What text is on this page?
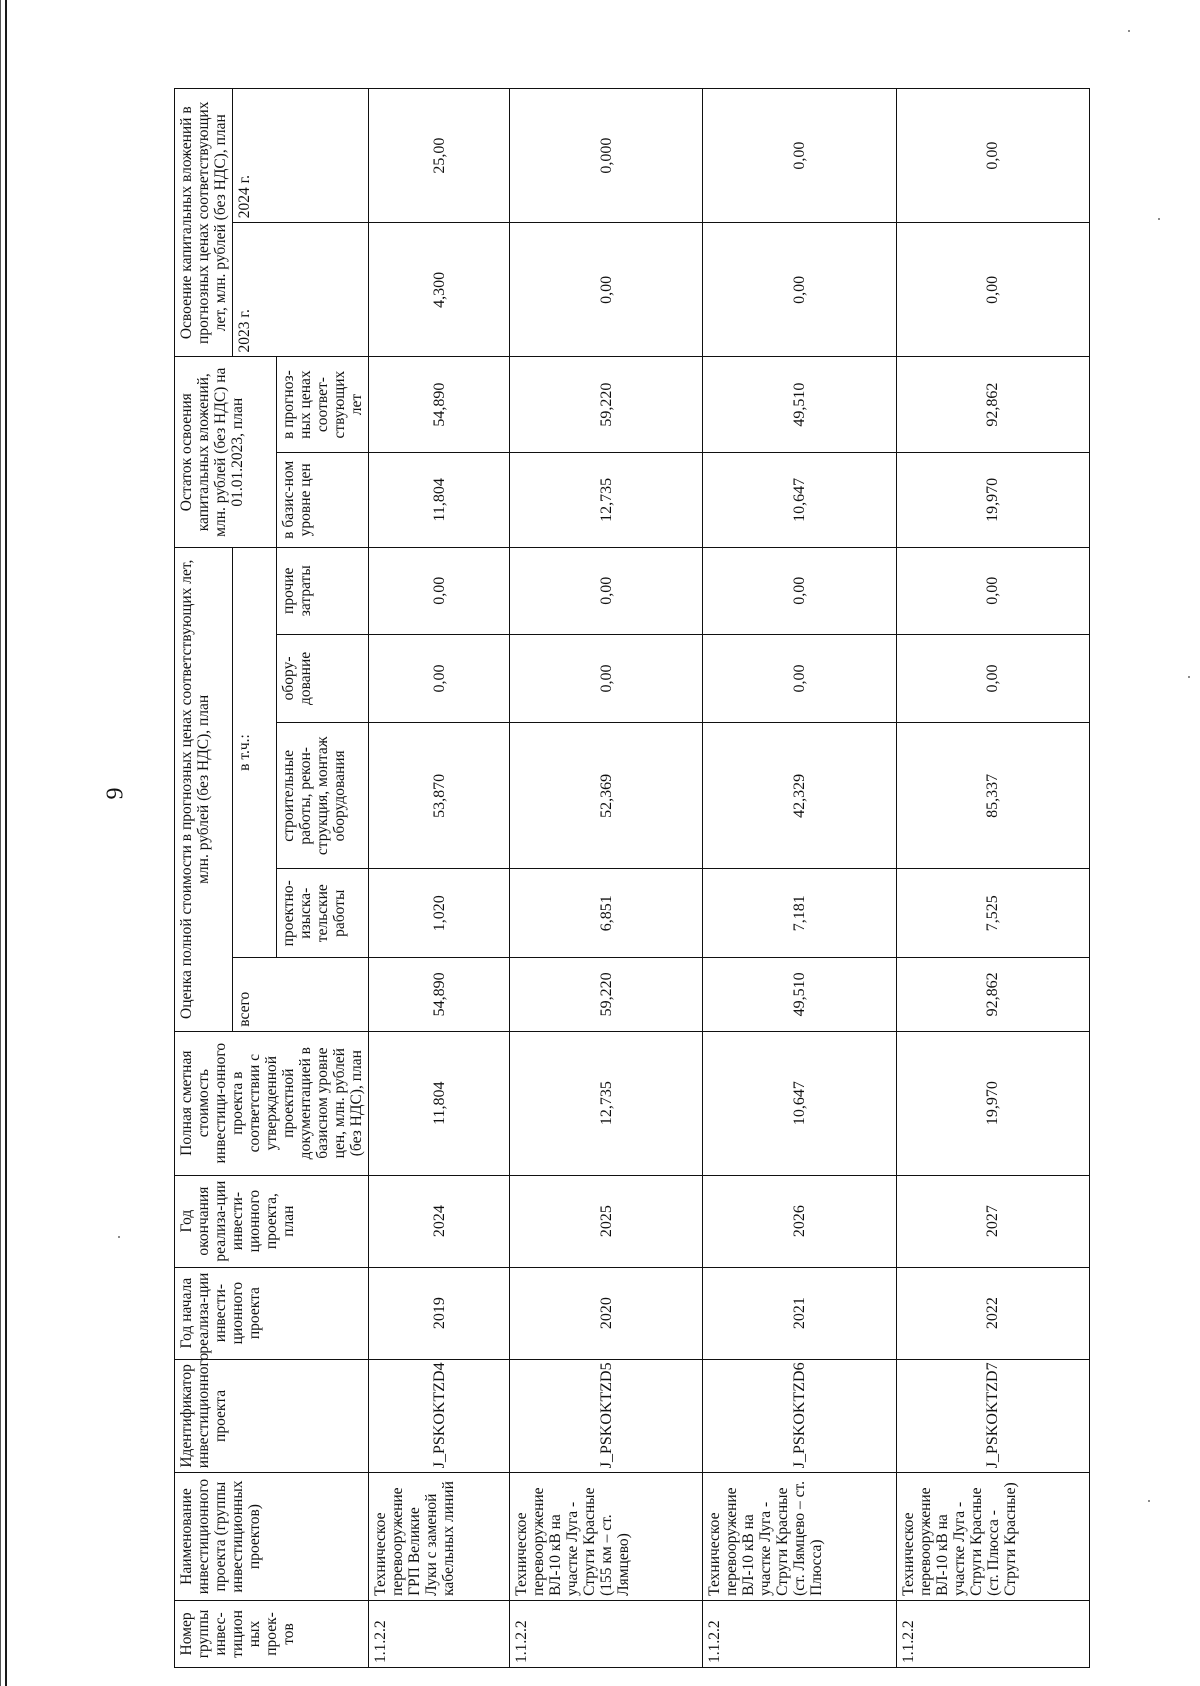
9
Номер группы инвес-тицион ных проек-тов	Наименование инвестиционного проекта (группы инвестиционных проектов)	Идентификатор инвестиционного проекта	Год начала реализа-ции инвести-ционного проекта	Год окончания реализа-ции инвести-ционного проекта, план	Полная сметная стоимость инвестици-онного проекта в соответствии с утвержденной проектной документацией в базисном уровне цен, млн. рублей (без НДС), план	Оценка полной стоимости в прогнозных ценах соответствующих лет, млн. рублей (без НДС), план					Остаток освоения капитальных вложений, млн. рублей (без НДС) на 01.01.2023, план		Освоение капитальных вложений в прогнозных ценах соответствующих лет, млн. рублей (без НДС), план	
						всего	в т.ч.:						2023 г.	2024 г.
							проектно-изыска-тельские работы	строительные работы, рекон-струкция, монтаж оборудования	обору-дование	прочие затраты	в базис-ном уровне цен	в прогноз-ных ценах соответ-ствующих лет		
1.1.2.2	Техническое перевооружение ГРП Великие Луки с заменой кабельных линий	J_PSKOKTZD4	2019	2024	11,804	54,890	1,020	53,870	0,00	0,00	11,804	54,890	4,300	25,00
1.1.2.2	Техническое перевооружение ВЛ-10 кВ на участке Луга - Струги Красные (155 км – ст. Лямцево)	J_PSKOKTZD5	2020	2025	12,735	59,220	6,851	52,369	0,00	0,00	12,735	59,220	0,00	0,000
1.1.2.2	Техническое перевооружение ВЛ-10 кВ на участке Луга - Струги Красные (ст. Лямцево – ст. Плюсса)	J_PSKOKTZD6	2021	2026	10,647	49,510	7,181	42,329	0,00	0,00	10,647	49,510	0,00	0,00
1.1.2.2	Техническое перевооружение ВЛ-10 кВ на участке Луга - Струги Красные (ст. Плюсса - Струги Красные)	J_PSKOKTZD7	2022	2027	19,970	92,862	7,525	85,337	0,00	0,00	19,970	92,862	0,00	0,00
